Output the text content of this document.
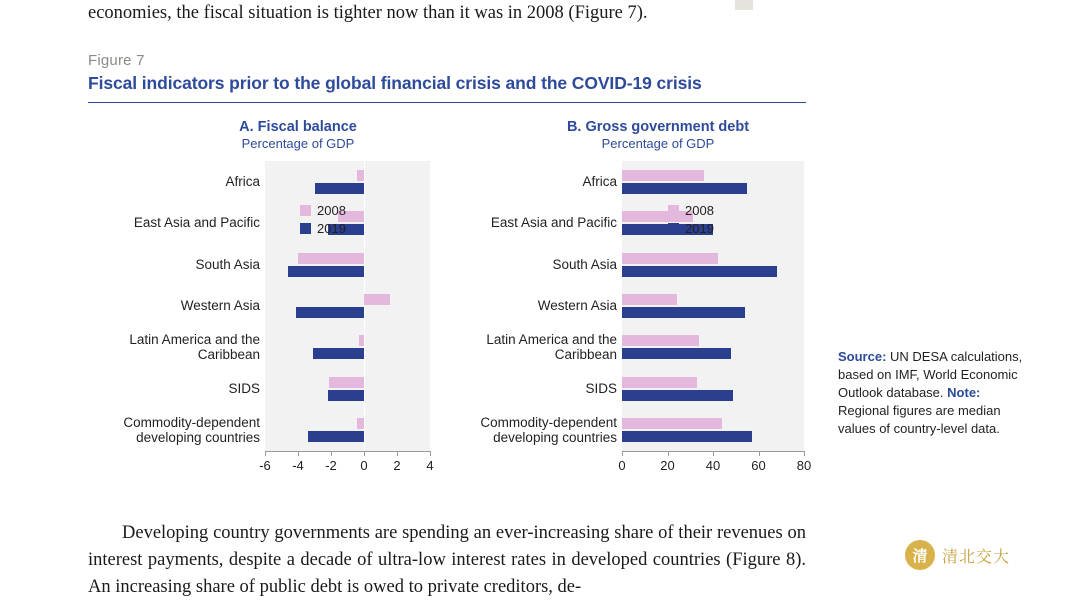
economies, the fiscal situation is tighter now than it was in 2008 (Figure 7).
Figure 7
Fiscal indicators prior to the global financial crisis and the COVID-19 crisis
A. Fiscal balance
Percentage of GDP
Africa
East Asia and Pacific
South Asia
Western Asia
Latin America and the Caribbean
SIDS
Commodity-dependent developing countries
2008
2019
-6	-4	-2	0	2	4
B. Gross government debt
Percentage of GDP
Africa
East Asia and Pacific
South Asia
Western Asia
Latin America and the Caribbean
SIDS
Commodity-dependent developing countries
2008
2019
0	20	40	60	80
Source: UN DESA calculations, based on IMF, World Economic Outlook database. Note: Regional figures are median values of country-level data.
Developing country governments are spending an ever-increasing share of their revenues on interest payments, despite a decade of ultra-low interest rates in developed countries (Figure 8). An increasing share of public debt is owed to private creditors, de-
清 清北交大
